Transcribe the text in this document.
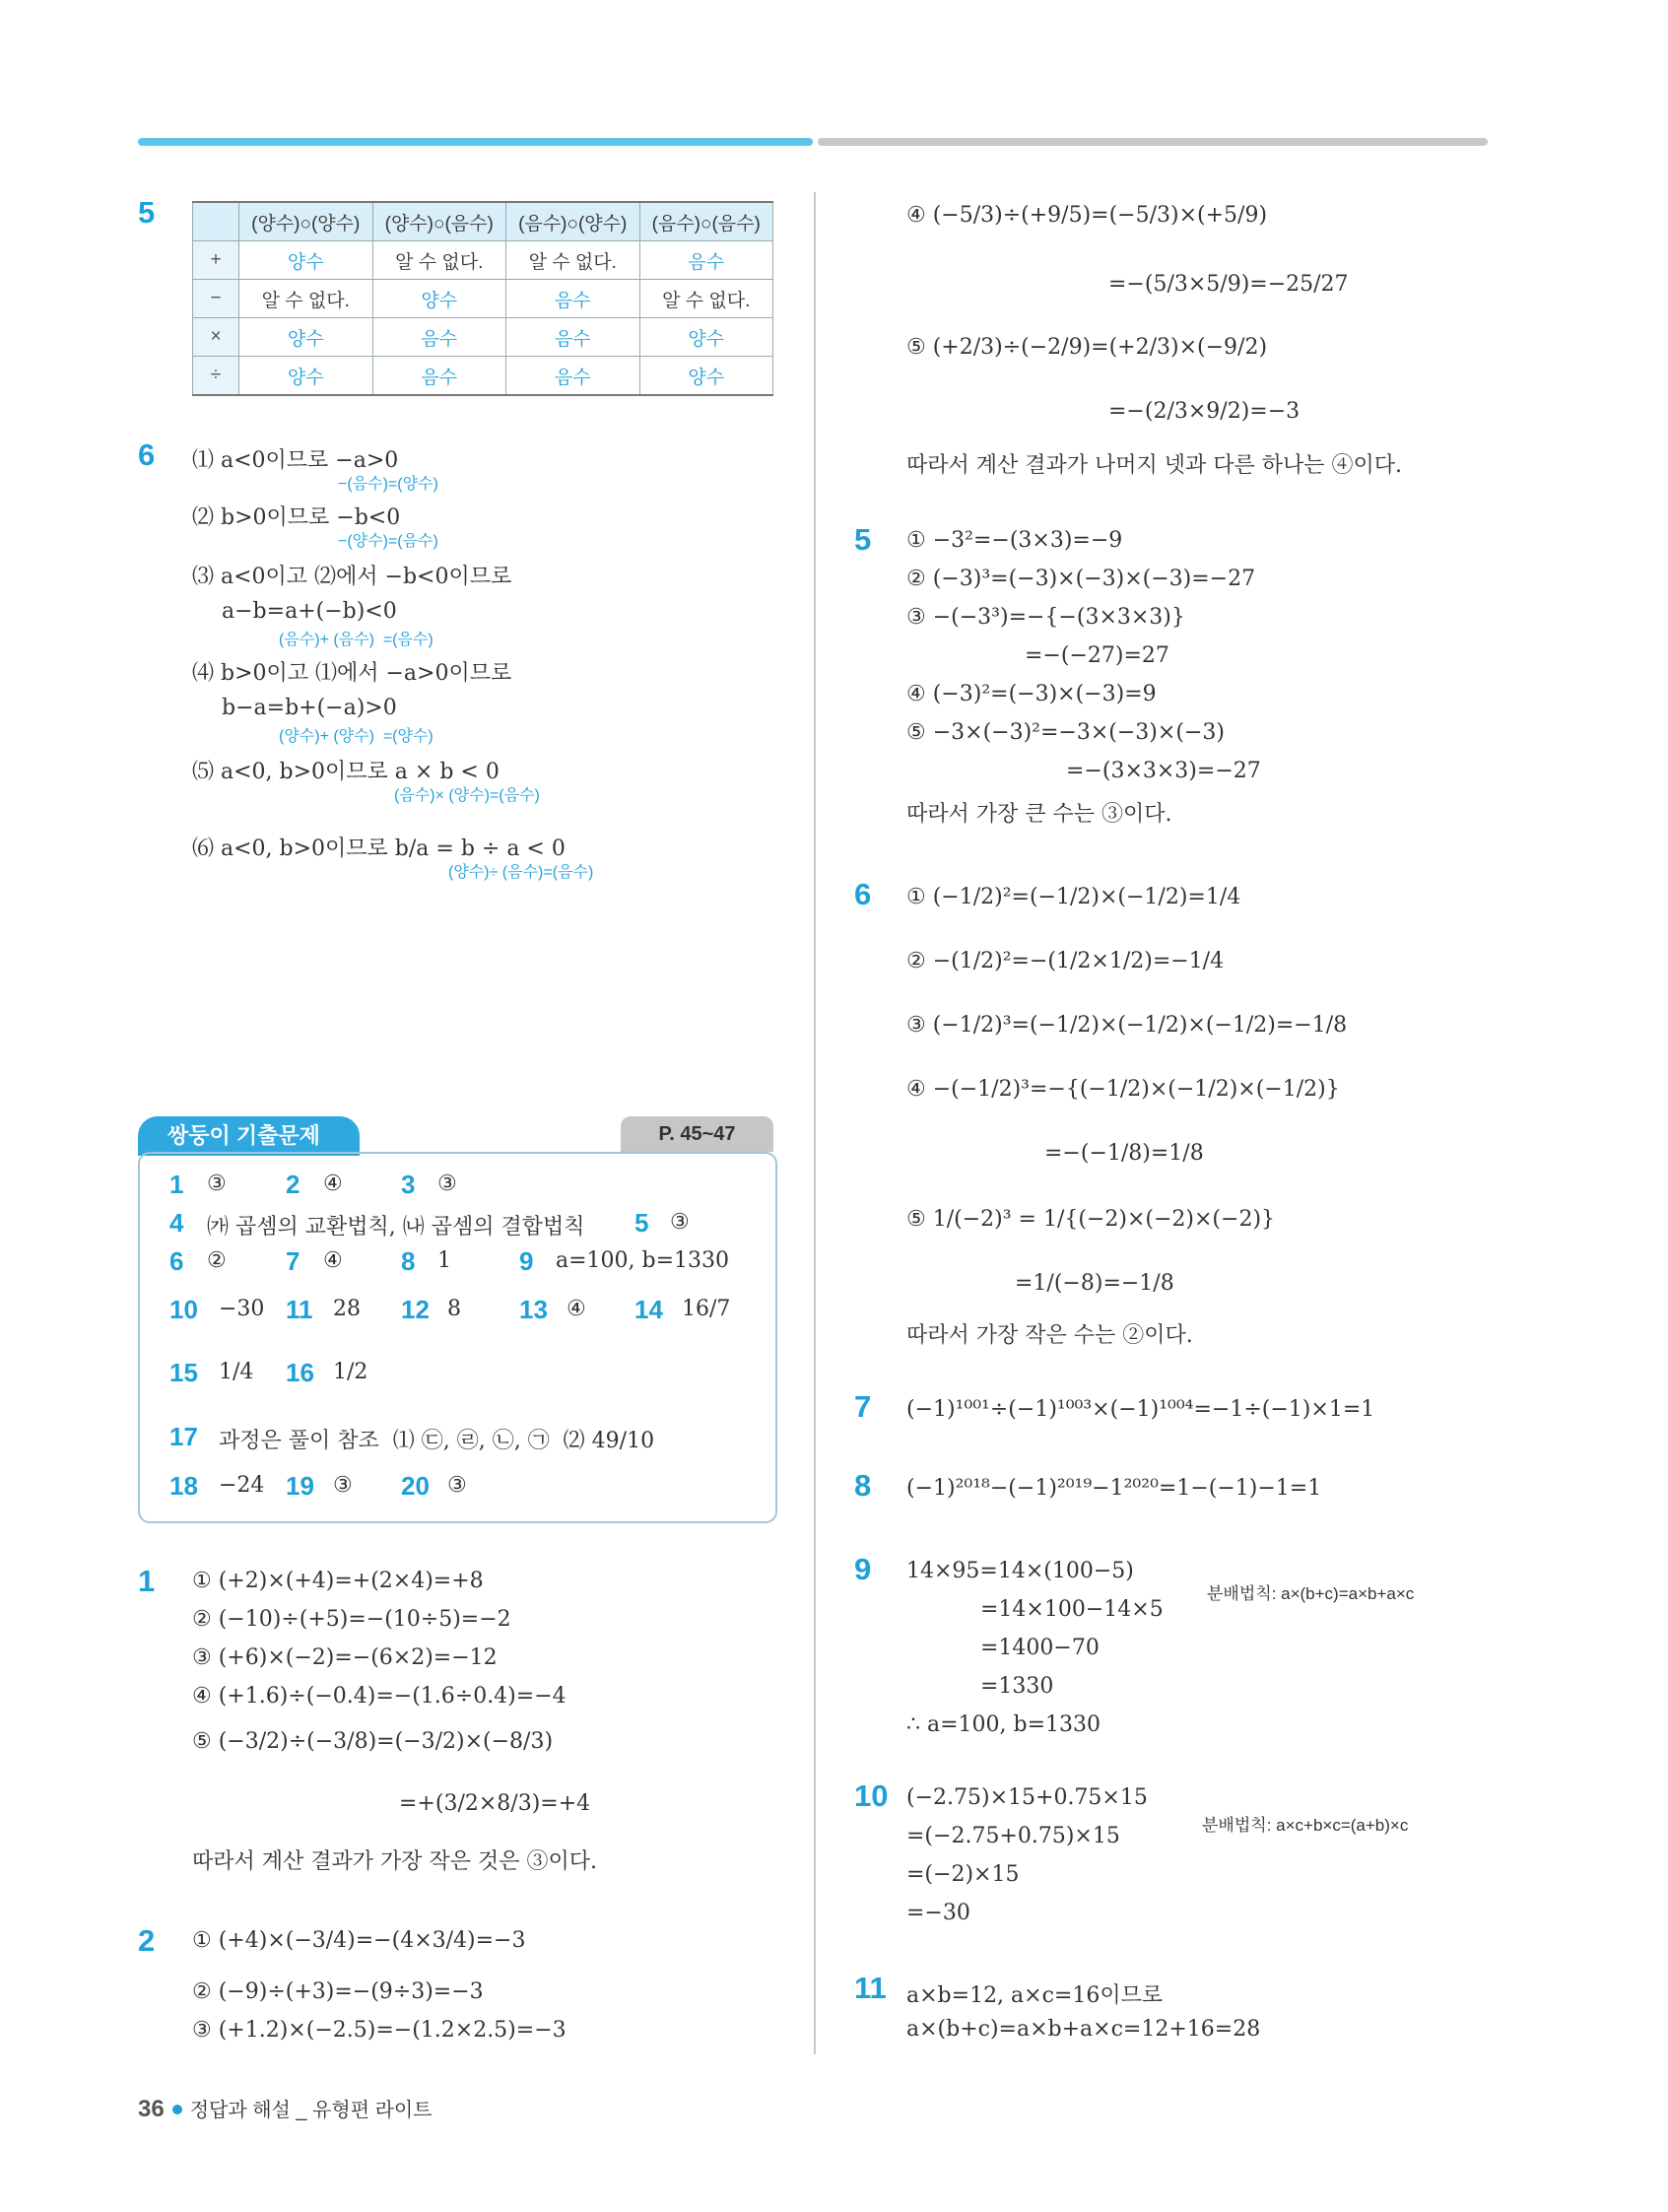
5
		(양수)○(양수)	(양수)○(음수)	(음수)○(양수)	(음수)○(음수)
+	양수	알 수 없다.	알 수 없다.	음수
−	알 수 없다.	양수	음수	알 수 없다.
×	양수	음수	음수	양수
÷	양수	음수	음수	양수
6 ⑴ a<0이므로 −a>0
−(음수)=(양수)
⑵ b>0이므로 −b<0
−(양수)=(음수)
⑶ a<0이고 ⑵에서 −b<0이므로
a−b=a+(−b)<0
(음수)+ (음수)  =(음수)
⑷ b>0이고 ⑴에서 −a>0이므로
b−a=b+(−a)>0
(양수)+ (양수)  =(양수)
⑸ a<0, b>0이므로 a × b < 0
(음수)× (양수)=(음수)
⑹ a<0, b>0이므로 b/a = b ÷ a < 0
(양수)÷ (음수)=(음수)
쌍둥이 기출문제	P. 45~47
1 ③ 2 ④ 3 ③
4 ㈎ 곱셈의 교환법칙, ㈏ 곱셈의 결합법칙 5 ③
6 ② 7 ④ 8 1	9 a=100, b=1330
10 −30 11 28 12 8 13 ④ 14 16/7
15 1/4 16 1/2
17 과정은 풀이 참조  ⑴ ㉢, ㉣, ㉡, ㉠  ⑵ 49/10
18 −24 19 ③ 20 ③
1 ① (+2)×(+4)=+(2×4)=+8
② (−10)÷(+5)=−(10÷5)=−2
③ (+6)×(−2)=−(6×2)=−12
④ (+1.6)÷(−0.4)=−(1.6÷0.4)=−4
⑤ (−3/2)÷(−3/8)=(−3/2)×(−8/3)
=+(3/2×8/3)=+4
따라서 계산 결과가 가장 작은 것은 ③이다.
2 ① (+4)×(−3/4)=−(4×3/4)=−3
② (−9)÷(+3)=−(9÷3)=−3
③ (+1.2)×(−2.5)=−(1.2×2.5)=−3
④ (−5/3)÷(+9/5)=(−5/3)×(+5/9)
=−(5/3×5/9)=−25/27
⑤ (+2/3)÷(−2/9)=(+2/3)×(−9/2)
=−(2/3×9/2)=−3
따라서 계산 결과가 나머지 넷과 다른 하나는 ④이다.
5 ① −3²=−(3×3)=−9
② (−3)³=(−3)×(−3)×(−3)=−27
③ −(−3³)=−{−(3×3×3)}
=−(−27)=27
④ (−3)²=(−3)×(−3)=9
⑤ −3×(−3)²=−3×(−3)×(−3)
=−(3×3×3)=−27
따라서 가장 큰 수는 ③이다.
6 ① (−1/2)²=(−1/2)×(−1/2)=1/4
② −(1/2)²=−(1/2×1/2)=−1/4
③ (−1/2)³=(−1/2)×(−1/2)×(−1/2)=−1/8
④ −(−1/2)³=−{(−1/2)×(−1/2)×(−1/2)}
=−(−1/8)=1/8
⑤ 1/(−2)³ = 1/{(−2)×(−2)×(−2)}
=1/(−8)=−1/8
따라서 가장 작은 수는 ②이다.
7 (−1)¹⁰⁰¹÷(−1)¹⁰⁰³×(−1)¹⁰⁰⁴=−1÷(−1)×1=1
8 (−1)²⁰¹⁸−(−1)²⁰¹⁹−1²⁰²⁰=1−(−1)−1=1
9 14×95=14×(100−5)
=14×100−14×5
=1400−70
=1330
∴ a=100, b=1330
분배법칙: a×(b+c)=a×b+a×c
10 (−2.75)×15+0.75×15
=(−2.75+0.75)×15
=(−2)×15
=−30
분배법칙: a×c+b×c=(a+b)×c
11 a×b=12, a×c=16이므로
a×(b+c)=a×b+a×c=12+16=28
36 정답과 해설 _ 유형편 라이트
